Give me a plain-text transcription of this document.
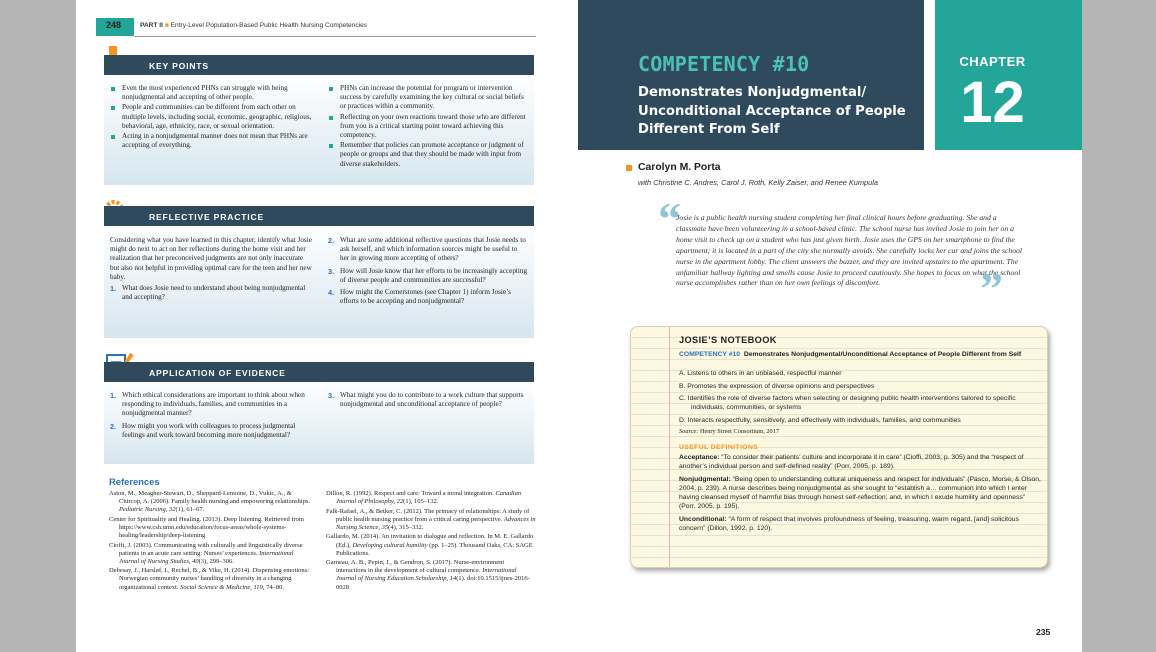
248	PART II ■ Entry-Level Population-Based Public Health Nursing Competencies
KEY POINTS
Even the most experienced PHNs can struggle with being nonjudgmental and accepting of other people.
People and communities can be different from each other on multiple levels, including social, economic, geographic, religious, behavioral, age, ethnicity, race, or sexual orientation.
Acting in a nonjudgmental manner does not mean that PHNs are accepting of everything.
PHNs can increase the potential for program or intervention success by carefully examining the key cultural or social beliefs or practices within a community.
Reflecting on your own reactions toward those who are different from you is a critical starting point toward achieving this competency.
Remember that policies can promote acceptance or judgment of people or groups and that they should be made with input from diverse stakeholders.
REFLECTIVE PRACTICE
Considering what you have learned in this chapter, identify what Josie might do next to act on her reflections during the home visit and her realization that her preconceived judgments are not only inaccurate but also not helpful in providing optimal care for the teen and her new baby.
1. What does Josie need to understand about being nonjudgmental and accepting?
2. What are some additional reflective questions that Josie needs to ask herself, and which information sources might be useful to her in growing more accepting of others?
3. How will Josie know that her efforts to be increasingly accepting of diverse people and communities are successful?
4. How might the Cornerstones (see Chapter 1) inform Josie’s efforts to be accepting and nonjudgmental?
APPLICATION OF EVIDENCE
1. Which ethical considerations are important to think about when responding to individuals, families, and communities in a nonjudgmental manner?
2. How might you work with colleagues to process judgmental feelings and work toward becoming more nonjudgmental?
3. What might you do to contribute to a work culture that supports nonjudgmental and unconditional acceptance of people?
References
Aston, M., Meagher-Stewart, D., Sheppard-Lemoine, D., Vukic, A., & Chircop, A. (2006). Family health nursing and empowering relationships. Pediatric Nursing, 32(1), 61–67.
Center for Spirituality and Healing. (2013). Deep listening. Retrieved from https://www.csh.umn.edu/education/focus-areas/whole-systems-healing/leadership/deep-listening
Cioffi, J. (2003). Communicating with culturally and linguistically diverse patients in an acute care setting: Nurses’ experiences. International Journal of Nursing Studies, 40(3), 299–306.
Debesay, J., Harsløf, I., Rechel, B., & Vike, H. (2014). Dispensing emotions: Norwegian community nurses’ handling of diversity in a changing organizational context. Social Science & Medicine, 119, 74–80.
Dillon, R. (1992). Respect and care: Toward a moral integration. Canadian Journal of Philosophy, 22(1), 105–132.
Falk-Rafael, A., & Betker, C. (2012). The primacy of relationships: A study of public health nursing practice from a critical caring perspective. Advances in Nursing Science, 35(4), 315–332.
Gallardo, M. (2014). An invitation to dialogue and reflection. In M. E. Gallardo (Ed.), Developing cultural humility (pp. 1–25). Thousand Oaks, CA: SAGE Publications.
Garneau, A. B., Pepin, J., & Gendron, S. (2017). Nurse-environment interactions in the development of cultural competence. International Journal of Nursing Education Scholarship, 14(1). doi:10.1515/ijnes-2016-0028
COMPETENCY #10
Demonstrates Nonjudgmental/ Unconditional Acceptance of People Different From Self
CHAPTER
12
Carolyn M. Porta
with Christine C. Andres, Carol J. Roth, Kelly Zaiser, and Renee Kumpula
“
Josie is a public health nursing student completing her final clinical hours before graduating. She and a classmate have been volunteering in a school-based clinic. The school nurse has invited Josie to join her on a home visit to check up on a student who has just given birth. Josie uses the GPS on her smartphone to find the apartment; it is located in a part of the city she normally avoids. She carefully locks her car and joins the school nurse in the apartment lobby. The client answers the buzzer, and they are invited upstairs to the apartment. The unfamiliar hallway lighting and smells cause Josie to proceed cautiously. She hopes to focus on what the school nurse accomplishes rather than on her own feelings of discomfort.	”
JOSIE’S NOTEBOOK
COMPETENCY #10 Demonstrates Nonjudgmental/Unconditional Acceptance of People Different from Self
A. Listens to others in an unbiased, respectful manner
B. Promotes the expression of diverse opinions and perspectives
C. Identifies the role of diverse factors when selecting or designing public health interventions tailored to specific individuals, communities, or systems
D. Interacts respectfully, sensitively, and effectively with individuals, families, and communities
Source: Henry Street Consortium, 2017
USEFUL DEFINITIONS
Acceptance: “To consider their patients’ culture and incorporate it in care” (Cioffi, 2003, p. 305) and the “respect of another’s individual person and self-defined reality” (Porr, 2005, p. 189).
Nonjudgmental: “Being open to understanding cultural uniqueness and respect for individuals” (Pasco, Morse, & Olson, 2004, p. 239). A nurse describes being nonjudgmental as she sought to “establish a… communion into which I enter having cleansed myself of harmful bias through honest self-reflection; and, in which I exude humility and openness” (Porr, 2005, p. 195).
Unconditional: “A form of respect that involves profoundness of feeling, treasuring, warm regard, [and] solicitous concern” (Dillon, 1992, p. 120).
235
